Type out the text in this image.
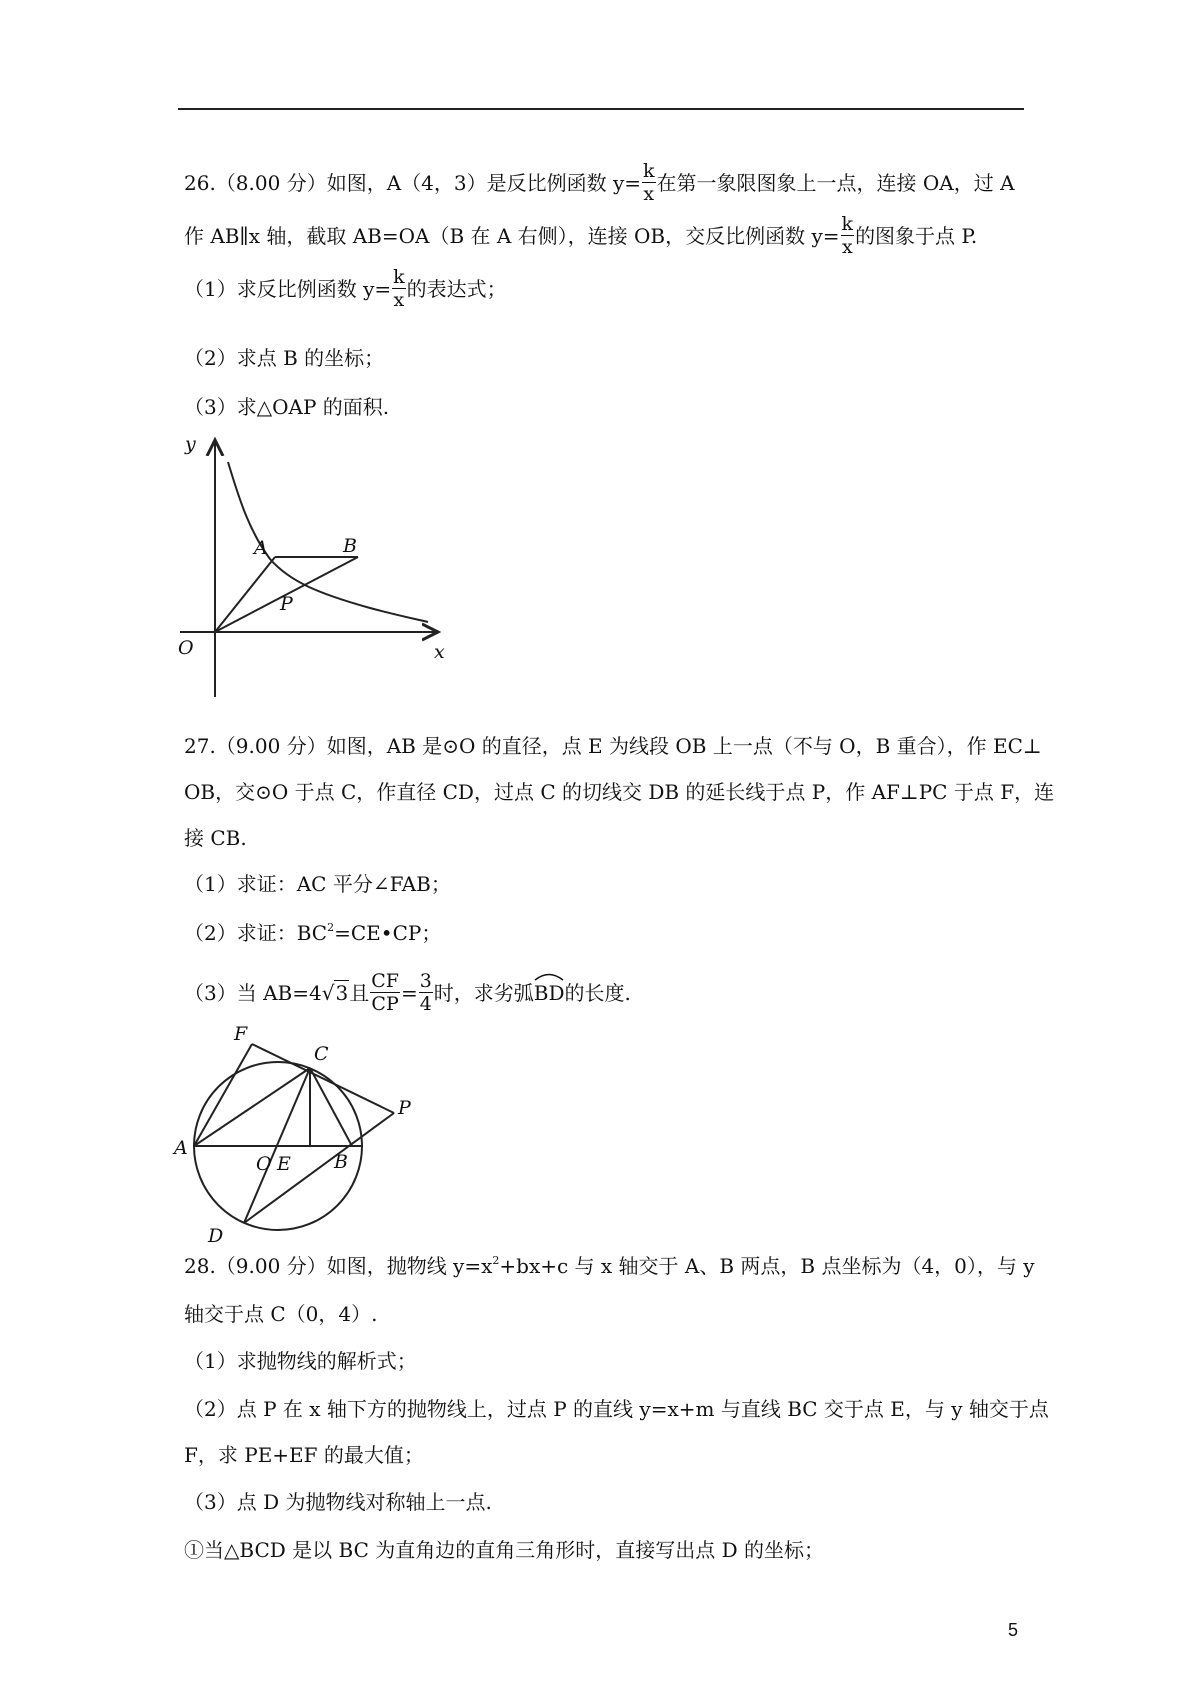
26.（8.00 分）如图，A（4，3）是反比例函数 $y= \frac{k}{x}$ 在第一象限图象上一点，连接 OA，过 A
作 AB∥x 轴，截取 AB=OA（B 在 A 右侧），连接 OB，交反比例函数 $y= \frac{k}{x}$ 的图象于点 P.
（1）求反比例函数 $y= \frac{k}{x}$ 的表达式；
（2）求点 B 的坐标；
（3）求△OAP 的面积.
y
A	B
P
O	x
27.（9.00 分）如图，AB 是⊙O 的直径，点 E 为线段 OB 上一点（不与 O，B 重合），作 EC⊥
OB，交⊙O 于点 C，作直径 CD，过点 C 的切线交 DB 的延长线于点 P，作 AF⊥PC 于点 F，连
接 CB.
（1）求证：AC 平分∠FAB；
（2）求证：$BC^2=CE•CP$；
（3）当 AB=4√3且 $\frac{CF}{CP} = \frac{3}{4}$ 时，求劣弧
BD的长度.
F
C
P
A
O E B
D
28.（9.00 分）如图，抛物线 $y=x^2+bx+c$ 与 x 轴交于 A、B 两点，B 点坐标为（4，0），与 y
轴交于点 C（0，4）.
（1）求抛物线的解析式；
（2）点 P 在 x 轴下方的抛物线上，过点 P 的直线 y=x+m 与直线 BC 交于点 E，与 y 轴交于点
F，求 PE+EF 的最大值；
（3）点 D 为抛物线对称轴上一点.
①当△BCD 是以 BC 为直角边的直角三角形时，直接写出点 D 的坐标；
5
